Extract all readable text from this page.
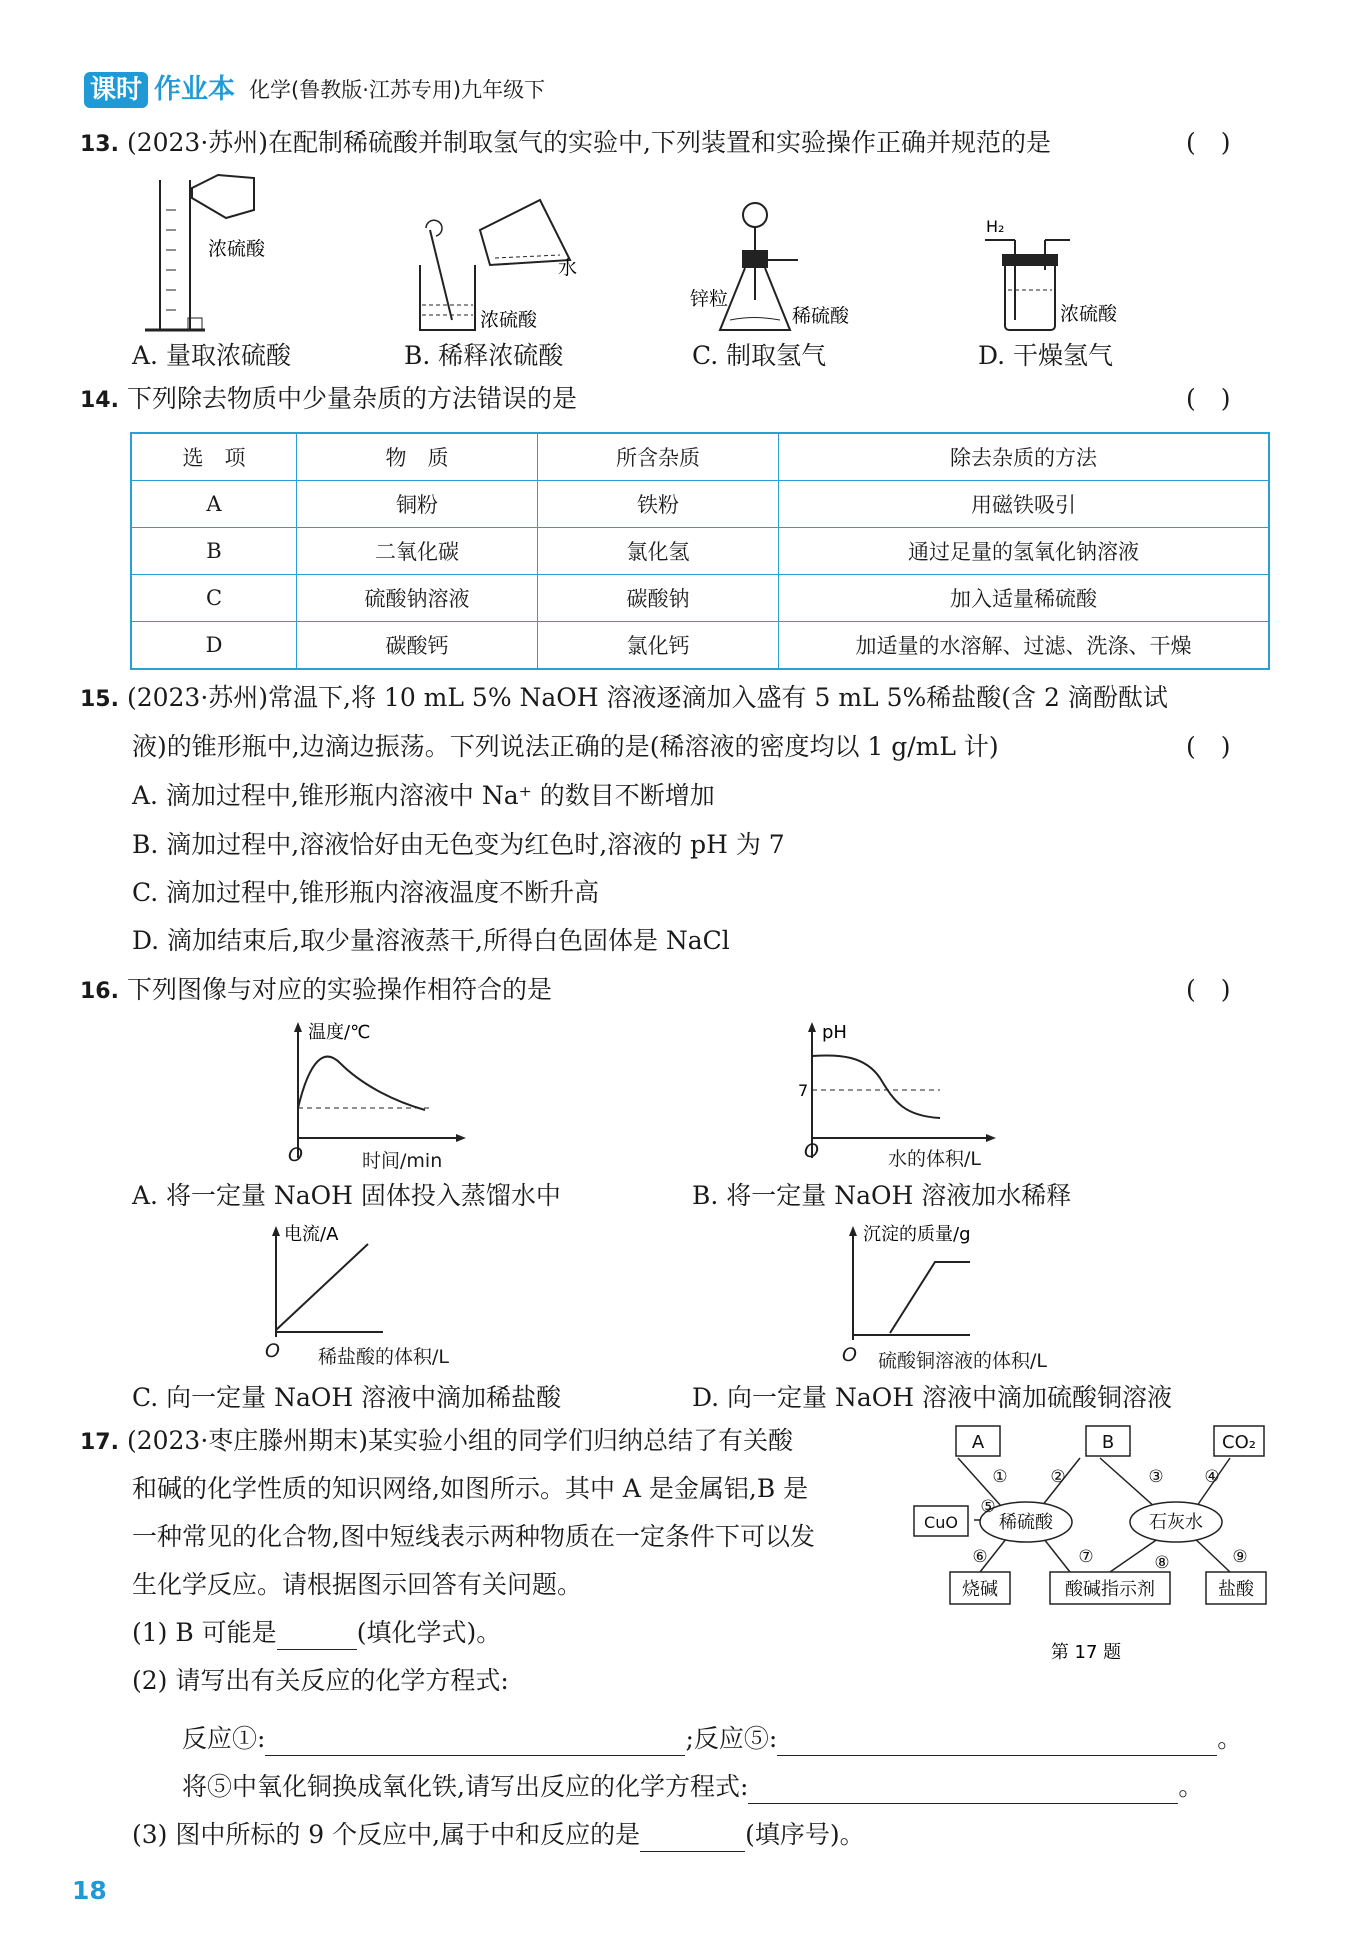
课时 作业本 化学(鲁教版·江苏专用)九年级下
13. (2023·苏州)在配制稀硫酸并制取氢气的实验中,下列装置和实验操作正确并规范的是	(　)
浓硫酸
水
浓硫酸
锌粒
稀硫酸
H₂
浓硫酸
A. 量取浓硫酸	B. 稀释浓硫酸	C. 制取氢气	D. 干燥氢气
14. 下列除去物质中少量杂质的方法错误的是	(　)
选　项	物　质	所含杂质	除去杂质的方法
A	铜粉	铁粉	用磁铁吸引
B	二氧化碳	氯化氢	通过足量的氢氧化钠溶液
C	硫酸钠溶液	碳酸钠	加入适量稀硫酸
D	碳酸钙	氯化钙	加适量的水溶解、过滤、洗涤、干燥
15. (2023·苏州)常温下,将 10 mL 5% NaOH 溶液逐滴加入盛有 5 mL 5%稀盐酸(含 2 滴酚酞试
液)的锥形瓶中,边滴边振荡。下列说法正确的是(稀溶液的密度均以 1 g/mL 计)	(　)
A. 滴加过程中,锥形瓶内溶液中 Na⁺ 的数目不断增加
B. 滴加过程中,溶液恰好由无色变为红色时,溶液的 pH 为 7
C. 滴加过程中,锥形瓶内溶液温度不断升高
D. 滴加结束后,取少量溶液蒸干,所得白色固体是 NaCl
16. 下列图像与对应的实验操作相符合的是	(　)
温度/℃
O	时间/min
A. 将一定量 NaOH 固体投入蒸馏水中
pH
7
O	水的体积/L
B. 将一定量 NaOH 溶液加水稀释
电流/A
O 稀盐酸的体积/L
C. 向一定量 NaOH 溶液中滴加稀盐酸
沉淀的质量/g
O 硫酸铜溶液的体积/L
D. 向一定量 NaOH 溶液中滴加硫酸铜溶液
17. (2023·枣庄滕州期末)某实验小组的同学们归纳总结了有关酸
和碱的化学性质的知识网络,如图所示。其中 A 是金属铝,B 是
一种常见的化合物,图中短线表示两种物质在一定条件下可以发
生化学反应。请根据图示回答有关问题。
A	B	CO₂
CuO 稀硫酸	石灰水
烧碱	酸碱指示剂	盐酸
①	②	③ ④
⑤
⑥	⑦	⑧	⑨
第 17 题
(1) B 可能是	(填化学式)。
(2) 请写出有关反应的化学方程式:
反应①:	;反应⑤:	。
将⑤中氧化铜换成氧化铁,请写出反应的化学方程式:	。
(3) 图中所标的 9 个反应中,属于中和反应的是	(填序号)。
18
